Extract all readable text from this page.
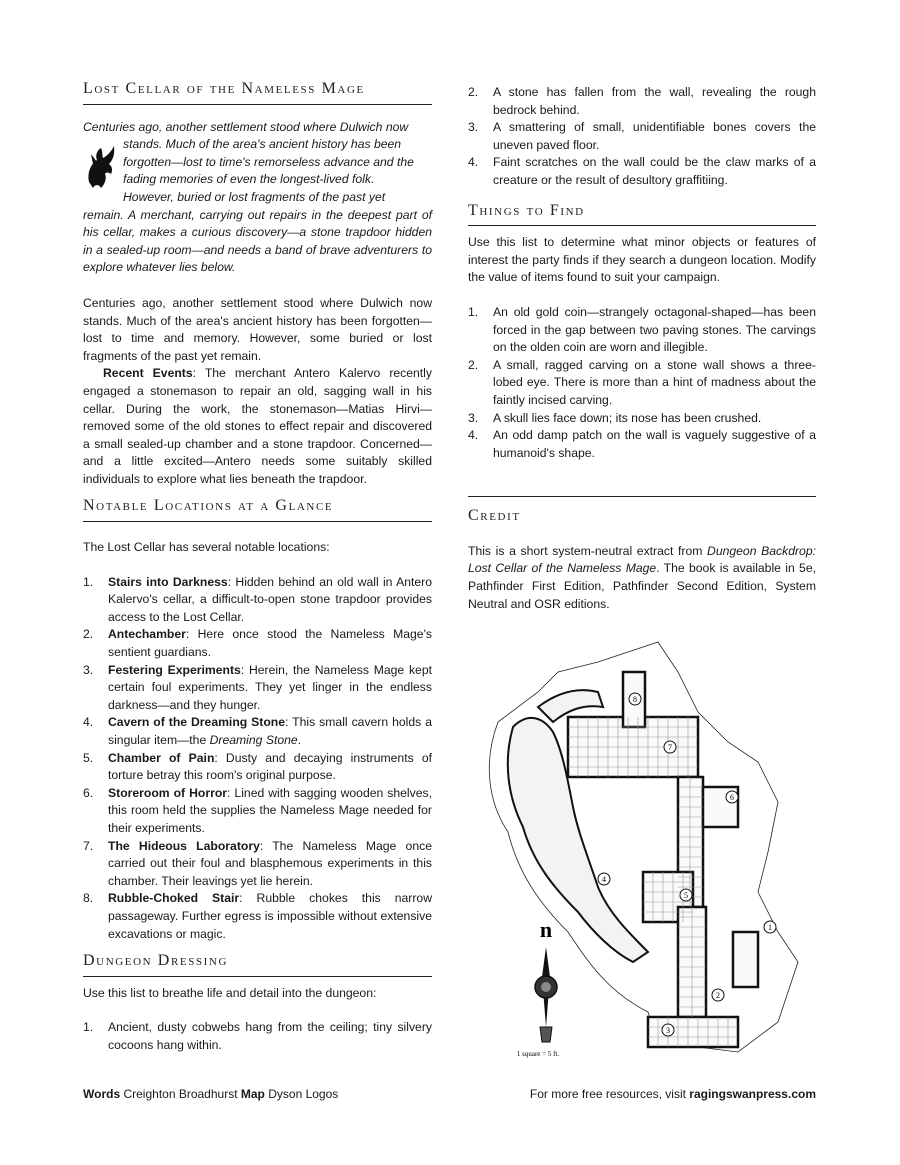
Lost Cellar of the Nameless Mage

Centuries ago, another settlement stood where Dulwich now

stands. Much of the area's ancient history has been

forgotten—lost to time's remorseless advance and the

fading memories of even the longest-lived folk.

However, buried or lost fragments of the past yet

remain. A merchant, carrying out repairs in the deepest part of his cellar, makes a curious discovery—a stone trapdoor hidden in a sealed-up room—and needs a band of brave adventurers to explore whatever lies below.

Centuries ago, another settlement stood where Dulwich now stands. Much of the area's ancient history has been forgotten—lost to time and memory. However, some buried or lost fragments of the past yet remain.

Recent Events: The merchant Antero Kalervo recently engaged a stonemason to repair an old, sagging wall in his cellar. During the work, the stonemason—Matias Hirvi—removed some of the old stones to effect repair and discovered a small sealed-up chamber and a stone trapdoor. Concerned—and a little excited—Antero needs some suitably skilled individuals to explore what lies beneath the trapdoor.

Notable Locations at a Glance

The Lost Cellar has several notable locations:

1. Stairs into Darkness: Hidden behind an old wall in Antero Kalervo's cellar, a difficult-to-open stone trapdoor provides access to the Lost Cellar.
2. Antechamber: Here once stood the Nameless Mage's sentient guardians.
3. Festering Experiments: Herein, the Nameless Mage kept certain foul experiments. They yet linger in the endless darkness—and they hunger.
4. Cavern of the Dreaming Stone: This small cavern holds a singular item—the Dreaming Stone.
5. Chamber of Pain: Dusty and decaying instruments of torture betray this room's original purpose.
6. Storeroom of Horror: Lined with sagging wooden shelves, this room held the supplies the Nameless Mage needed for their experiments.
7. The Hideous Laboratory: The Nameless Mage once carried out their foul and blasphemous experiments in this chamber. Their leavings yet lie herein.
8. Rubble-Choked Stair: Rubble chokes this narrow passageway. Further egress is impossible without extensive excavations or magic.
Dungeon Dressing

Use this list to breathe life and detail into the dungeon:

1. Ancient, dusty cobwebs hang from the ceiling; tiny silvery cocoons hang within.
2. A stone has fallen from the wall, revealing the rough bedrock behind.
3. A smattering of small, unidentifiable bones covers the uneven paved floor.
4. Faint scratches on the wall could be the claw marks of a creature or the result of desultory graffitiing.
Things to Find

Use this list to determine what minor objects or features of interest the party finds if they search a dungeon location. Modify the value of items found to suit your campaign.

1. An old gold coin—strangely octagonal-shaped—has been forced in the gap between two paving stones. The carvings on the olden coin are worn and illegible.
2. A small, ragged carving on a stone wall shows a three-lobed eye. There is more than a hint of madness about the faintly incised carving.
3. A skull lies face down; its nose has been crushed.
4. An odd damp patch on the wall is vaguely suggestive of a humanoid's shape.
Credit

This is a short system-neutral extract from Dungeon Backdrop: Lost Cellar of the Nameless Mage. The book is available in 5e, Pathfinder First Edition, Pathfinder Second Edition, System Neutral and OSR editions.

1
2
3
4
5
6
7
8
n
1 square = 5 ft.
Words Creighton Broadhurst Map Dyson Logos	For more free resources, visit ragingswanpress.com
